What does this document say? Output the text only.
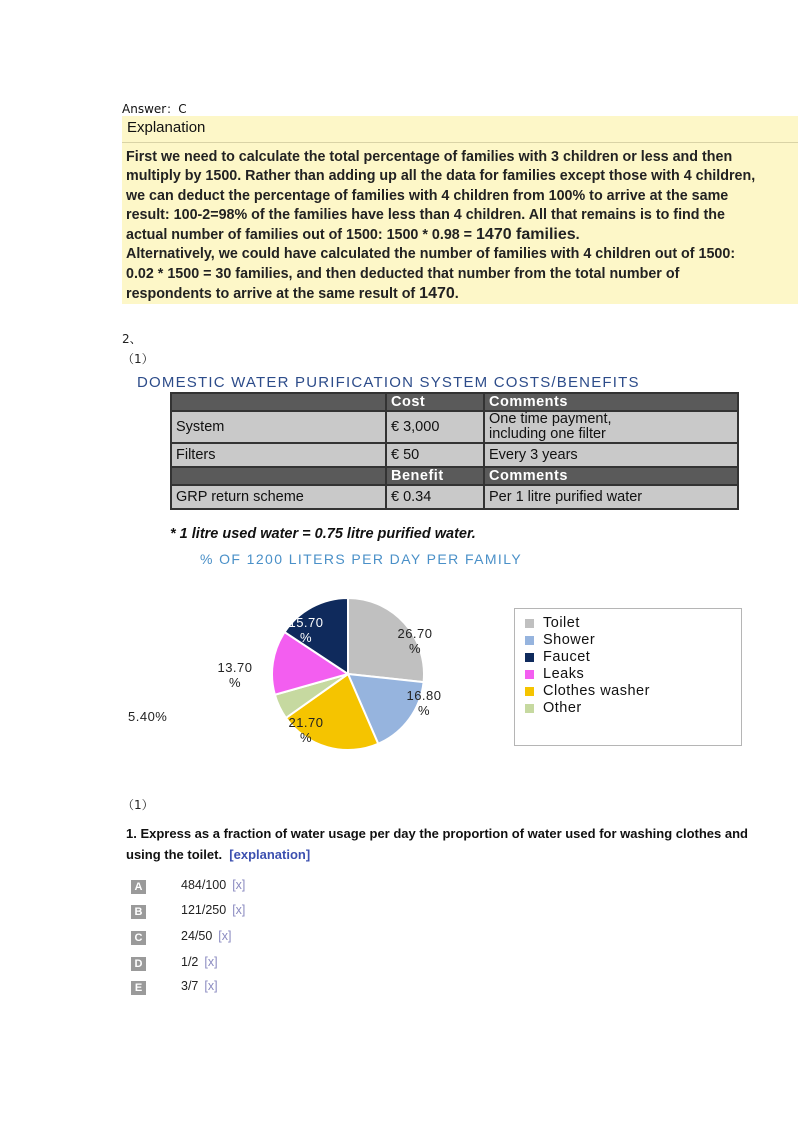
Answer：C
Explanation
First we need to calculate the total percentage of families with 3 children or less and then
multiply by 1500. Rather than adding up all the data for families except those with 4 children,
we can deduct the percentage of families with 4 children from 100% to arrive at the same
result: 100-2=98% of the families have less than 4 children. All that remains is to find the
actual number of families out of 1500: 1500 * 0.98 = 1470 families.
Alternatively, we could have calculated the number of families with 4 children out of 1500:
0.02 * 1500 = 30 families, and then deducted that number from the total number of
respondents to arrive at the same result of 1470.
2、
（1）
DOMESTIC WATER PURIFICATION SYSTEM COSTS/BENEFITS
	Cost	Comments
System	€ 3,000	One time payment,
including one filter

Filters	€ 50	Every 3 years
	Benefit	Comments
GRP return scheme	€ 0.34	Per 1 litre purified water
* 1 litre used water = 0.75 litre purified water.
% OF 1200 LITERS PER DAY PER FAMILY
26.70 %
16.80 %
21.70 %
5.40%
13.70 %
15.70 %
Toilet
Shower
Faucet
Leaks
Clothes washer
Other
（1）
1. Express as a fraction of water usage per day the proportion of water used for washing clothes and
using the toilet. [explanation]
A	484/100 [x]
B	121/250 [x]
C	24/50 [x]
D	1/2 [x]
E	3/7 [x]
